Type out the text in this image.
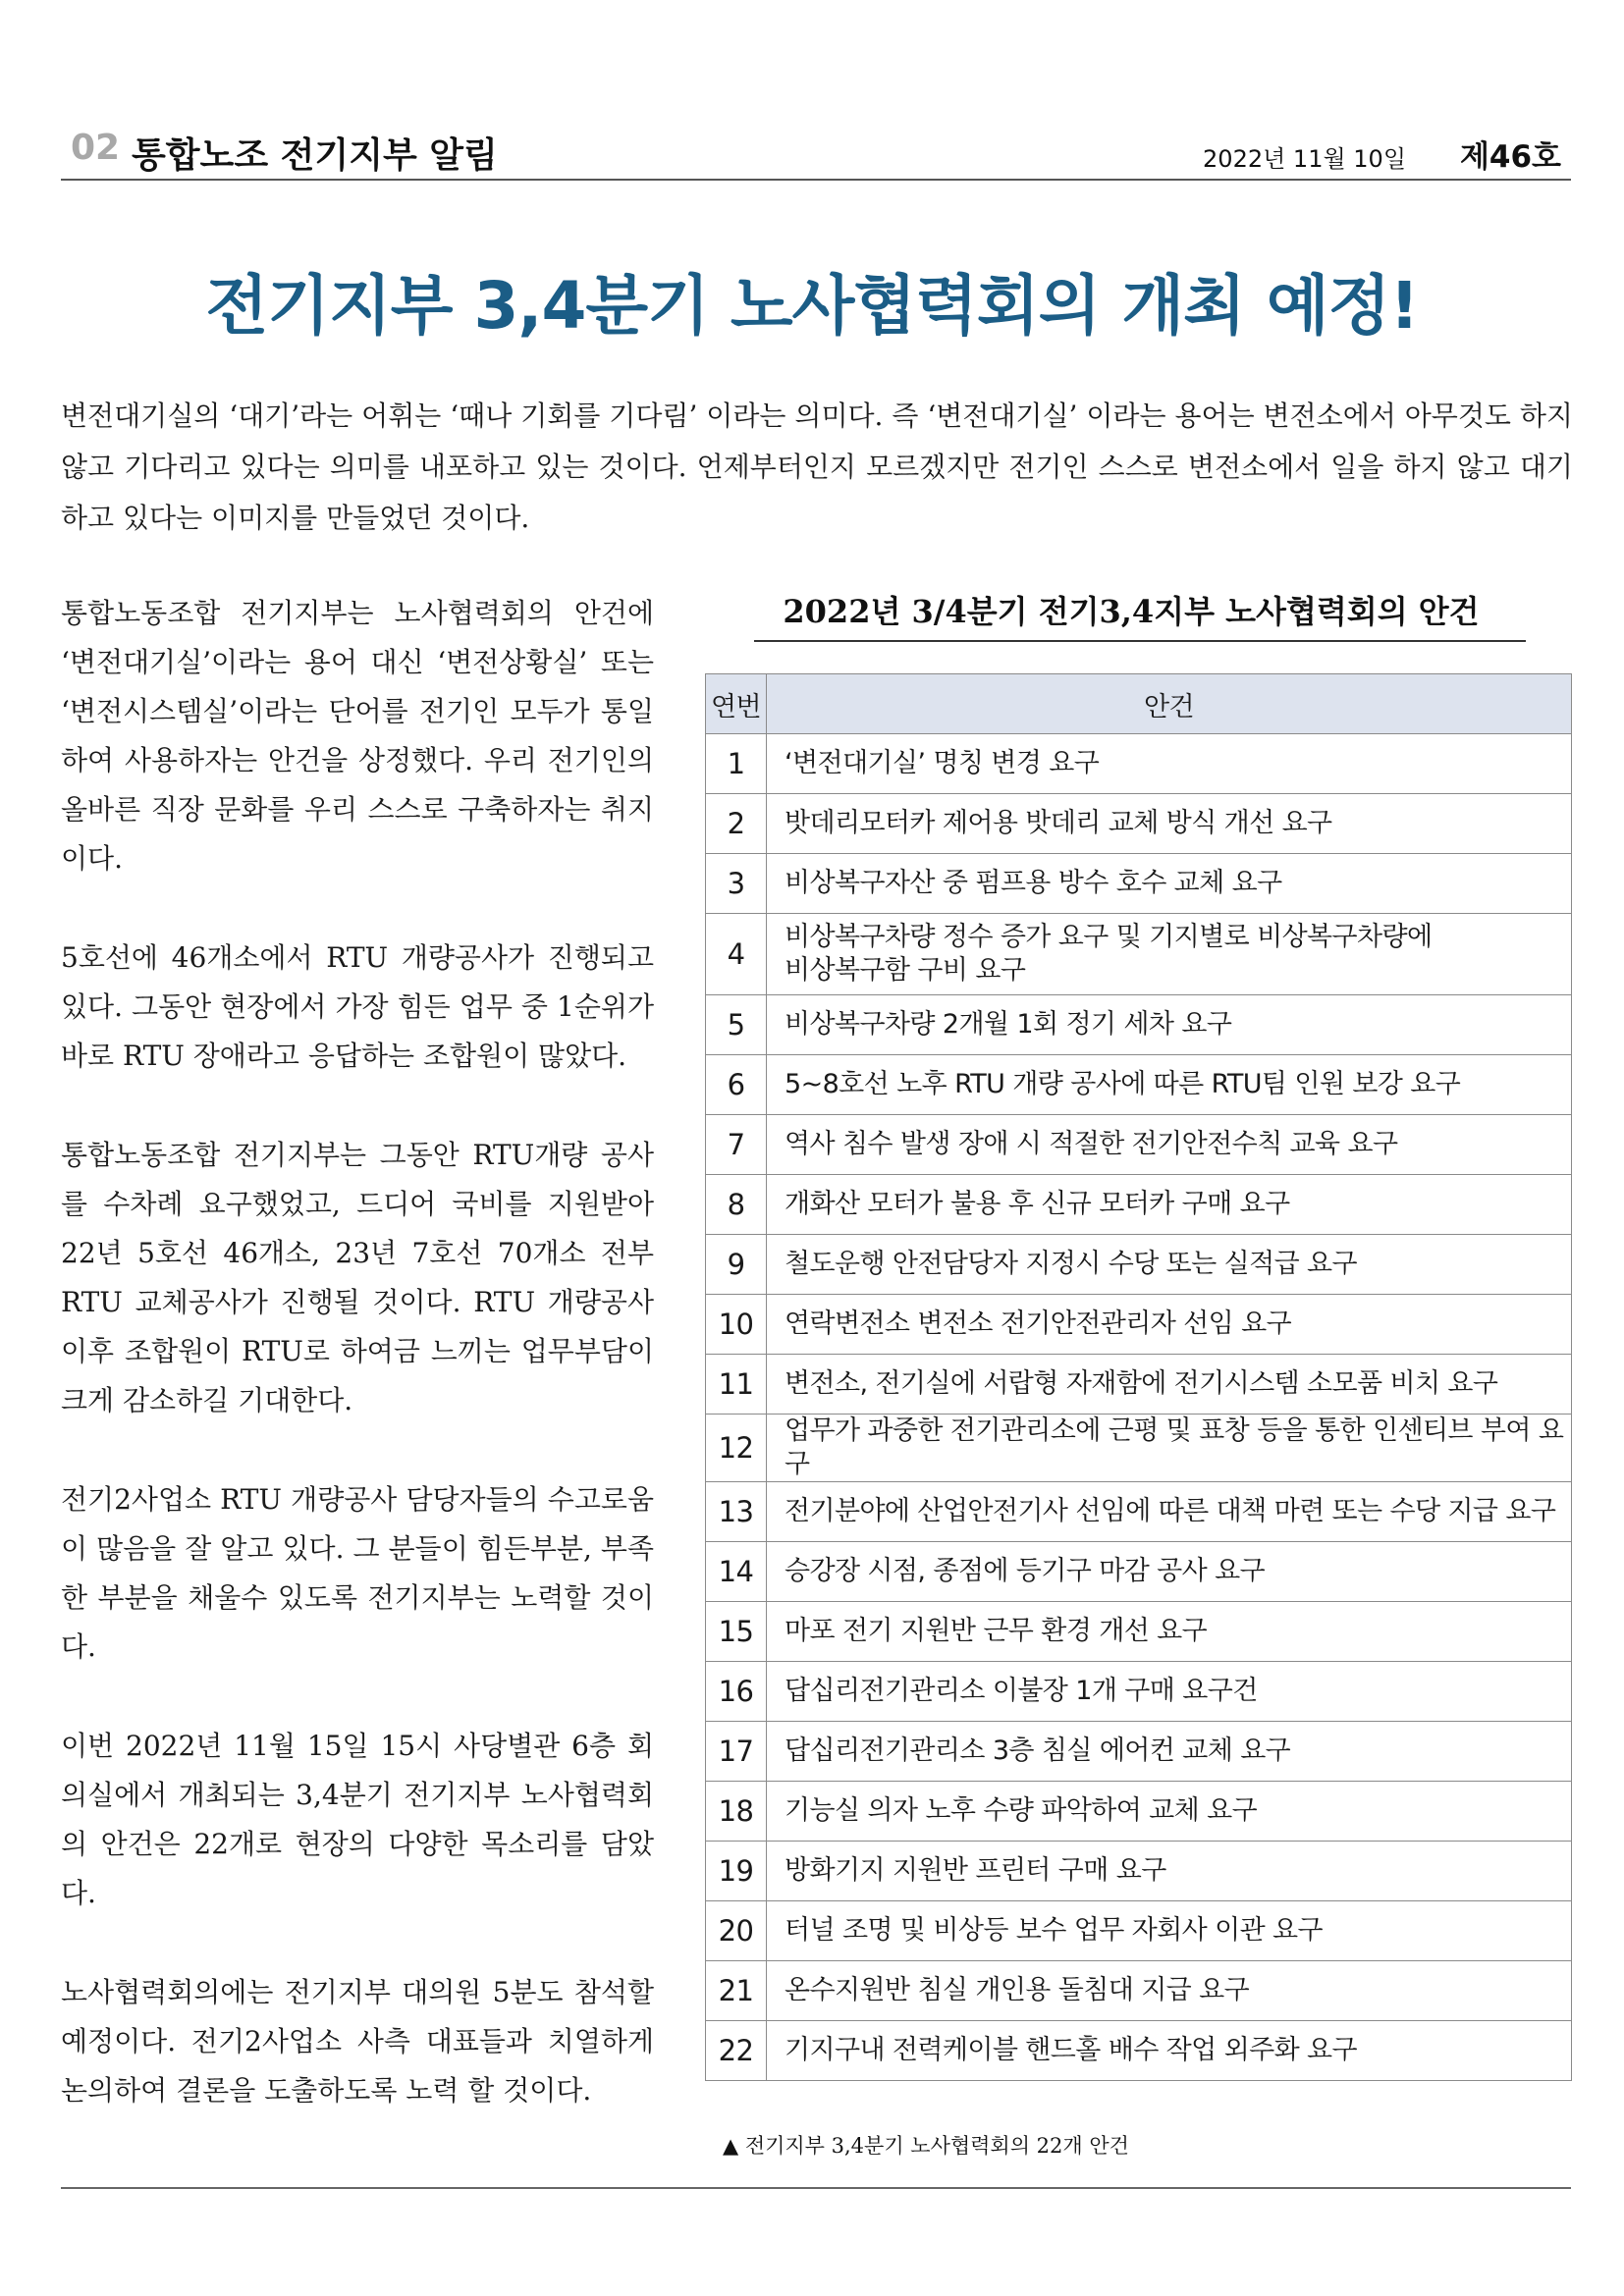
02 통합노조 전기지부 알림	2022년 11월 10일 제46호
전기지부 3,4분기 노사협력회의 개최 예정!

변전대기실의 ‘대기’라는 어휘는 ‘때나 기회를 기다림’ 이라는 의미다. 즉 ‘변전대기실’ 이라는 용어는 변전소에서 아무것도 하지 않고 기다리고 있다는 의미를 내포하고 있는 것이다. 언제부터인지 모르겠지만 전기인 스스로 변전소에서 일을 하지 않고 대기하고 있다는 이미지를 만들었던 것이다.

통합노동조합 전기지부는 노사협력회의 안건에 ‘변전대기실’이라는 용어 대신 ‘변전상황실’ 또는 ‘변전시스템실’이라는 단어를 전기인 모두가 통일하여 사용하자는 안건을 상정했다. 우리 전기인의 올바른 직장 문화를 우리 스스로 구축하자는 취지이다.

5호선에 46개소에서 RTU 개량공사가 진행되고 있다. 그동안 현장에서 가장 힘든 업무 중 1순위가 바로 RTU 장애라고 응답하는 조합원이 많았다.

통합노동조합 전기지부는 그동안 RTU개량 공사를 수차례 요구했었고, 드디어 국비를 지원받아 22년 5호선 46개소, 23년 7호선 70개소 전부 RTU 교체공사가 진행될 것이다. RTU 개량공사 이후 조합원이 RTU로 하여금 느끼는 업무부담이 크게 감소하길 기대한다.

전기2사업소 RTU 개량공사 담당자들의 수고로움이 많음을 잘 알고 있다. 그 분들이 힘든부분, 부족한 부분을 채울수 있도록 전기지부는 노력할 것이다.

이번 2022년 11월 15일 15시 사당별관 6층 회의실에서 개최되는 3,4분기 전기지부 노사협력회의 안건은 22개로 현장의 다양한 목소리를 담았다.

노사협력회의에는 전기지부 대의원 5분도 참석할 예정이다. 전기2사업소 사측 대표들과 치열하게 논의하여 결론을 도출하도록 노력 할 것이다.

2022년 3/4분기 전기3,4지부 노사협력회의 안건
연번	안건
1	‘변전대기실’ 명칭 변경 요구
2	밧데리모터카 제어용 밧데리 교체 방식 개선 요구
3	비상복구자산 중 펌프용 방수 호수 교체 요구
4	비상복구차량 정수 증가 요구 및 기지별로 비상복구차량에
비상복구함 구비 요구
5	비상복구차량 2개월 1회 정기 세차 요구
6	5~8호선 노후 RTU 개량 공사에 따른 RTU팀 인원 보강 요구
7	역사 침수 발생 장애 시 적절한 전기안전수칙 교육 요구
8	개화산 모터가 불용 후 신규 모터카 구매 요구
9	철도운행 안전담당자 지정시 수당 또는 실적급 요구
10	연락변전소 변전소 전기안전관리자 선임 요구
11	변전소, 전기실에 서랍형 자재함에 전기시스템 소모품 비치 요구
12	업무가 과중한 전기관리소에 근평 및 표창 등을 통한 인센티브 부여 요구
13	전기분야에 산업안전기사 선임에 따른 대책 마련 또는 수당 지급 요구
14	승강장 시점, 종점에 등기구 마감 공사 요구
15	마포 전기 지원반 근무 환경 개선 요구
16	답십리전기관리소 이불장 1개 구매 요구건
17	답십리전기관리소 3층 침실 에어컨 교체 요구
18	기능실 의자 노후 수량 파악하여 교체 요구
19	방화기지 지원반 프린터 구매 요구
20	터널 조명 및 비상등 보수 업무 자회사 이관 요구
21	온수지원반 침실 개인용 돌침대 지급 요구
22	기지구내 전력케이블 핸드홀 배수 작업 외주화 요구
▲ 전기지부 3,4분기 노사협력회의 22개 안건
